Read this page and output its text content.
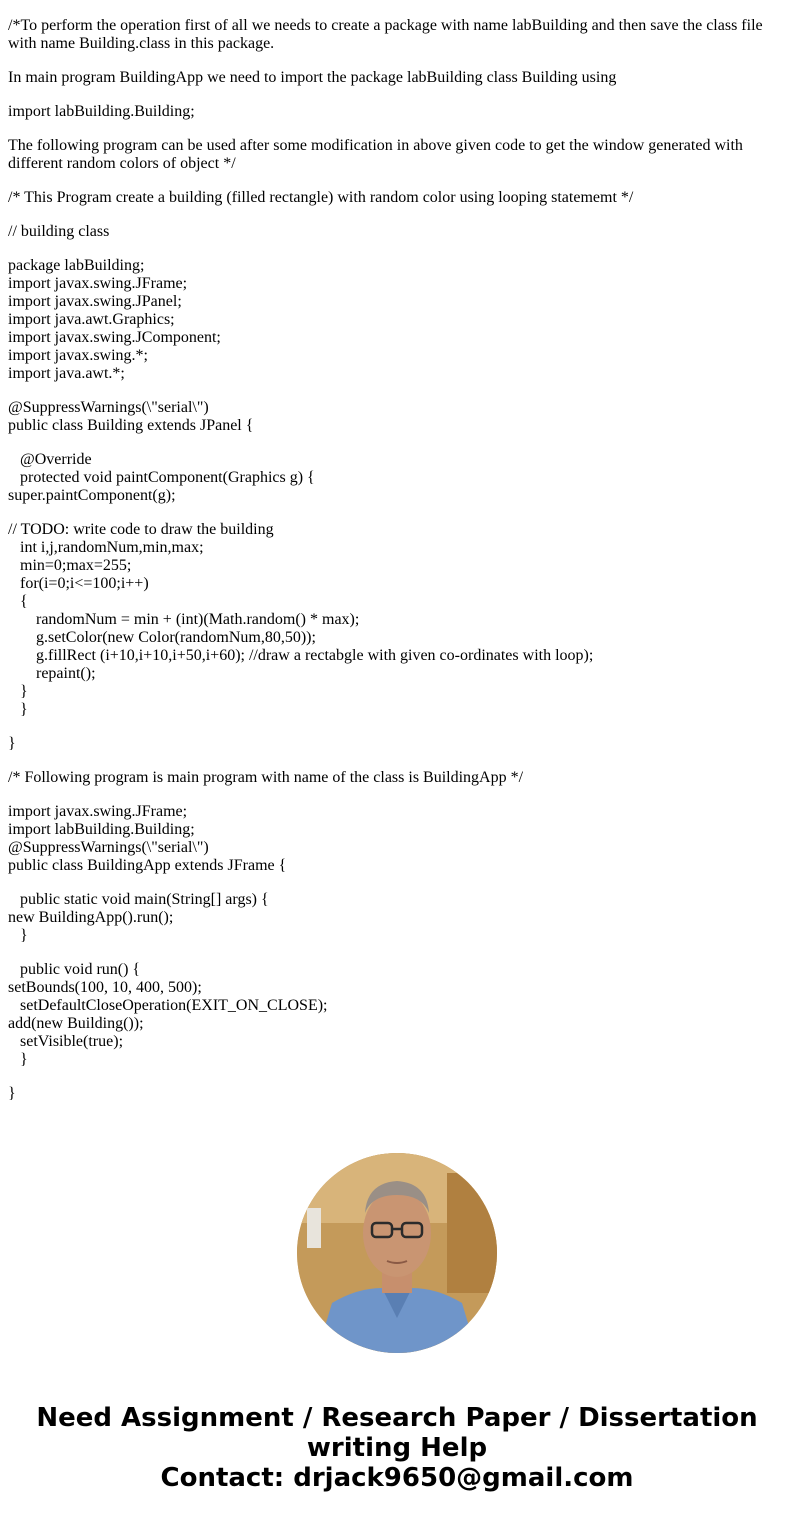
/*To perform the operation first of all we needs to create a package with name labBuilding and then save the class file with name Building.class in this package.

In main program BuildingApp we need to import the package labBuilding class Building using

import labBuilding.Building;

The following program can be used after some modification in above given code to get the window generated with different random colors of object */

/* This Program create a building (filled rectangle) with random color using looping statememt */

// building class

package labBuilding;
import javax.swing.JFrame;
import javax.swing.JPanel;
import java.awt.Graphics;
import javax.swing.JComponent;
import javax.swing.*;
import java.awt.*;
@SuppressWarnings(\"serial\")
public class Building extends JPanel {
@Override
protected void paintComponent(Graphics g) {
super.paintComponent(g);
// TODO: write code to draw the building
int i,j,randomNum,min,max;
min=0;max=255;
for(i=0;i<=100;i++)
{
randomNum = min + (int)(Math.random() * max);
g.setColor(new Color(randomNum,80,50));
g.fillRect (i+10,i+10,i+50,i+60); //draw a rectabgle with given co-ordinates with loop);
repaint();
}
}
}

/* Following program is main program with name of the class is BuildingApp */

import javax.swing.JFrame;
import labBuilding.Building;
@SuppressWarnings(\"serial\")
public class BuildingApp extends JFrame {
public static void main(String[] args) {
new BuildingApp().run();
}
public void run() {
setBounds(100, 10, 400, 500);
setDefaultCloseOperation(EXIT_ON_CLOSE);
add(new Building());
setVisible(true);
}
}
Need Assignment / Research Paper / Dissertation
writing Help
Contact: drjack9650@gmail.com
